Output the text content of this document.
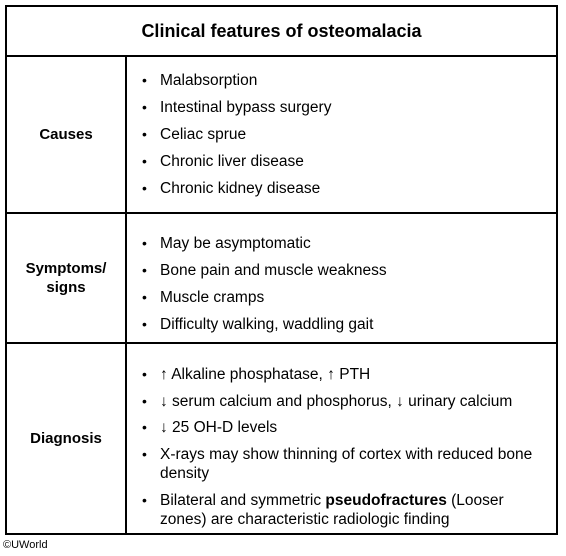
Clinical features of osteomalacia
Causes
• Malabsorption
• Intestinal bypass surgery
• Celiac sprue
• Chronic liver disease
• Chronic kidney disease
Symptoms/
signs
• May be asymptomatic
• Bone pain and muscle weakness
• Muscle cramps
• Difficulty walking, waddling gait
Diagnosis
• ↑ Alkaline phosphatase, ↑ PTH
• ↓ serum calcium and phosphorus, ↓ urinary calcium
• ↓ 25 OH-D levels
• X-rays may show thinning of cortex with reduced bone density
• Bilateral and symmetric pseudofractures (Looser zones) are characteristic radiologic finding
©UWorld
